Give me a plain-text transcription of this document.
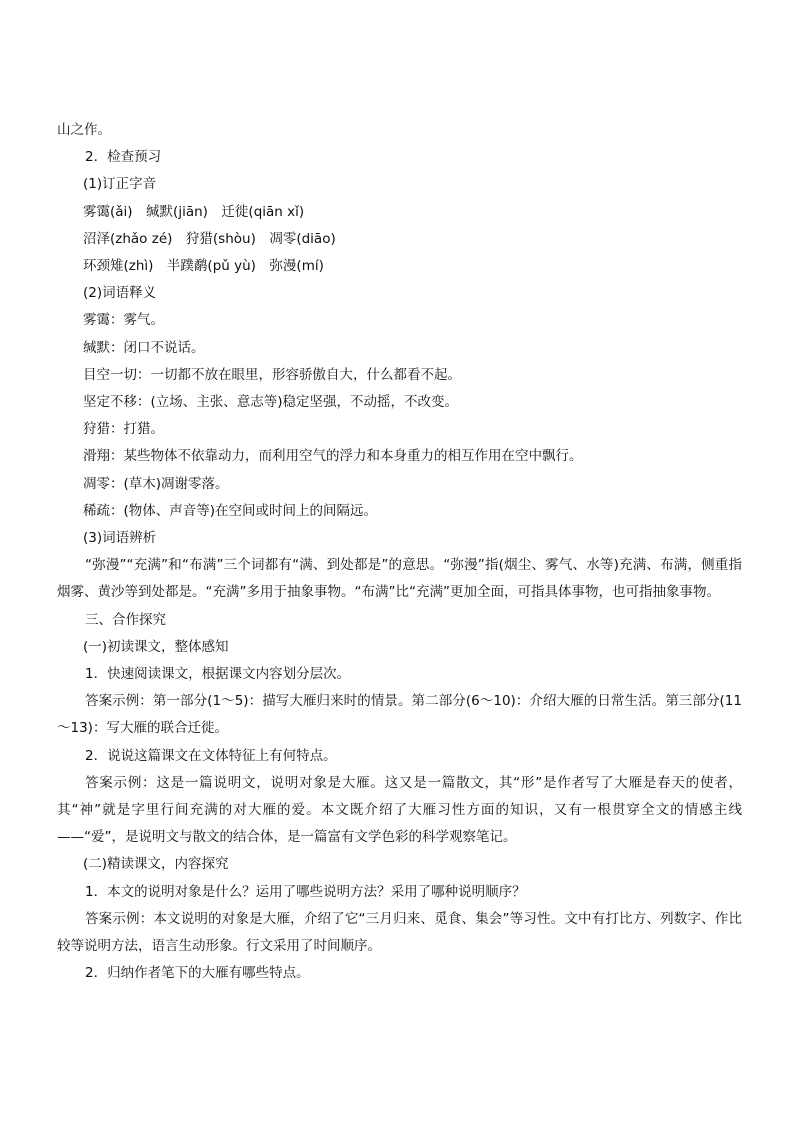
山之作。
2．检查预习
(1)订正字音
雾霭(ǎi)　缄默(jiān)　迁徙(qiān xǐ)
沼泽(zhǎo zé)　狩猎(shòu)　凋零(diāo)
环颈雉(zhì)　半蹼鹬(pǔ yù)　弥漫(mí)
(2)词语释义
雾霭：雾气。
缄默：闭口不说话。
目空一切：一切都不放在眼里，形容骄傲自大，什么都看不起。
坚定不移：(立场、主张、意志等)稳定坚强，不动摇，不改变。
狩猎：打猎。
滑翔：某些物体不依靠动力，而利用空气的浮力和本身重力的相互作用在空中飘行。
凋零：(草木)凋谢零落。
稀疏：(物体、声音等)在空间或时间上的间隔远。
(3)词语辨析

“弥漫”“充满”和“布满”三个词都有“满、到处都是”的意思。“弥漫”指(烟尘、雾气、水等)充满、布满，侧重指烟雾、黄沙等到处都是。“充满”多用于抽象事物。“布满”比“充满”更加全面，可指具体事物，也可指抽象事物。

三、合作探究
(一)初读课文，整体感知
1．快速阅读课文，根据课文内容划分层次。

答案示例：第一部分(1～5)：描写大雁归来时的情景。第二部分(6～10)：介绍大雁的日常生活。第三部分(11～13)：写大雁的联合迁徙。

2．说说这篇课文在文体特征上有何特点。

答案示例：这是一篇说明文，说明对象是大雁。这又是一篇散文，其“形”是作者写了大雁是春天的使者，其“神”就是字里行间充满的对大雁的爱。本文既介绍了大雁习性方面的知识，又有一根贯穿全文的情感主线——“爱”，是说明文与散文的结合体，是一篇富有文学色彩的科学观察笔记。

(二)精读课文，内容探究
1．本文的说明对象是什么？运用了哪些说明方法？采用了哪种说明顺序？

答案示例：本文说明的对象是大雁，介绍了它“三月归来、觅食、集会”等习性。文中有打比方、列数字、作比较等说明方法，语言生动形象。行文采用了时间顺序。

2．归纳作者笔下的大雁有哪些特点。
